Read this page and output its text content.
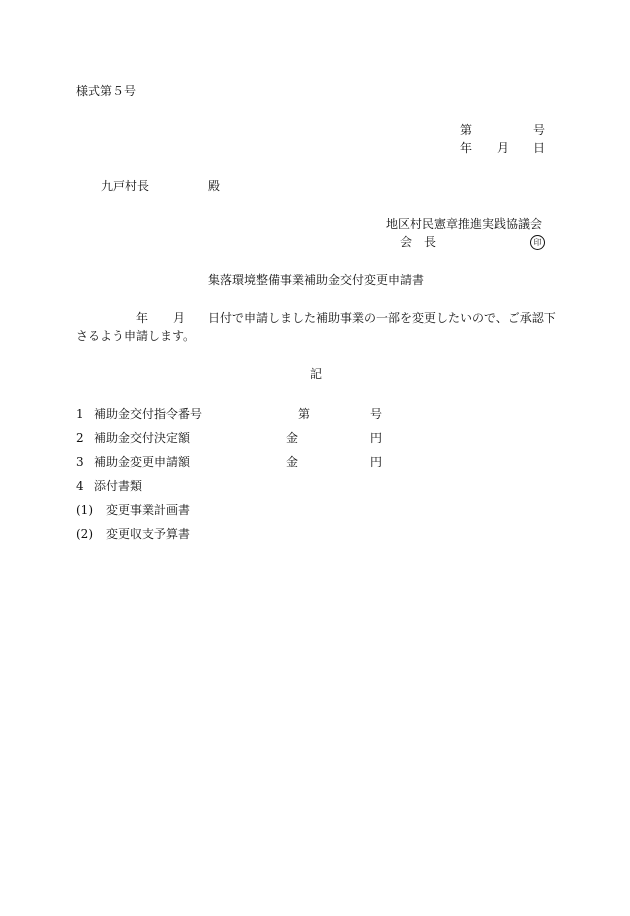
様式第５号
第	号
年 月 日
九戸村長	殿
地区村民憲章推進実践協議会
会　長	印
集落環境整備事業補助金交付変更申請書
年 月 日付で申請しました補助事業の一部を変更したいので、ご承認下
さるよう申請します。
記
1 補助金交付指令番号	第	号
2 補助金交付決定額	金	円
3 補助金変更申請額	金	円
4 添付書類
(1) 変更事業計画書
(2) 変更収支予算書
